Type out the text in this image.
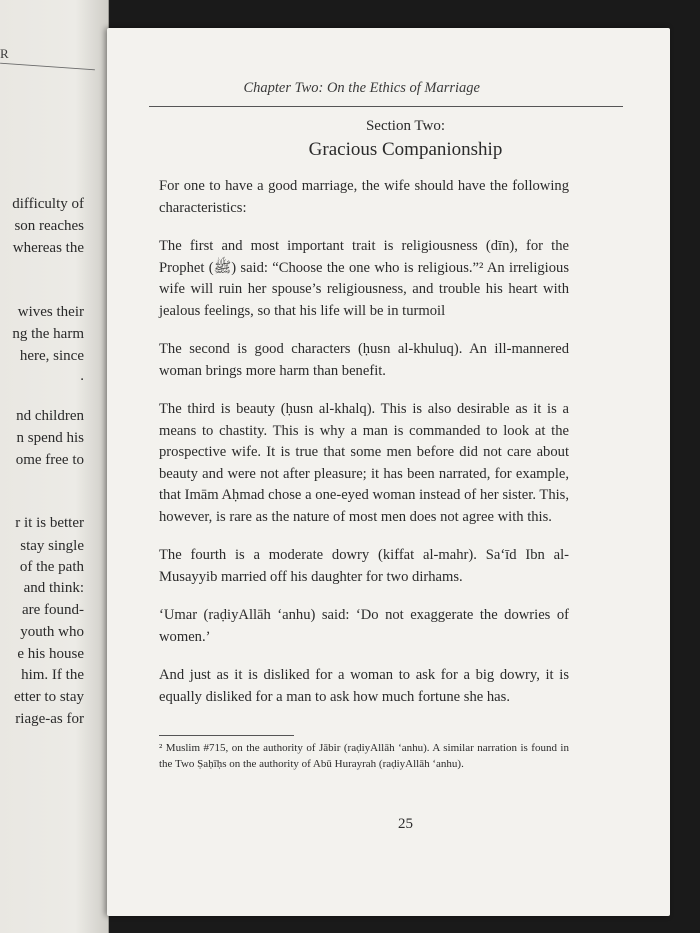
R
difficulty of
son reaches
whereas the
wives their
ng the harm
here, since
.
nd children
n spend his
ome free to
r it is better
stay single
of the path
and think:
are found-
youth who
e his house
him. If the
etter to stay
riage-as for
Chapter Two: On the Ethics of Marriage
Section Two:
Gracious Companionship

For one to have a good marriage, the wife should have the following characteristics:

The first and most important trait is religiousness (dīn), for the Prophet (ﷺ) said: “Choose the one who is religious.”² An irreligious wife will ruin her spouse’s religiousness, and trouble his heart with jealous feelings, so that his life will be in turmoil

The second is good characters (ḥusn al-khuluq). An ill-mannered woman brings more harm than benefit.

The third is beauty (ḥusn al-khalq). This is also desirable as it is a means to chastity. This is why a man is commanded to look at the prospective wife. It is true that some men before did not care about beauty and were not after pleasure; it has been narrated, for example, that Imām Aḥmad chose a one-eyed woman instead of her sister. This, however, is rare as the nature of most men does not agree with this.

The fourth is a moderate dowry (kiffat al-mahr). Sa‘īd Ibn al-Musayyib married off his daughter for two dirhams.

‘Umar (raḍiyAllāh ‘anhu) said: ‘Do not exaggerate the dowries of women.’

And just as it is disliked for a woman to ask for a big dowry, it is equally disliked for a man to ask how much fortune she has.

² Muslim #715, on the authority of Jābir (raḍiyAllāh ‘anhu). A similar narration is found in the Two Ṣaḥīḥs on the authority of Abū Hurayrah (raḍiyAllāh ‘anhu).
25
